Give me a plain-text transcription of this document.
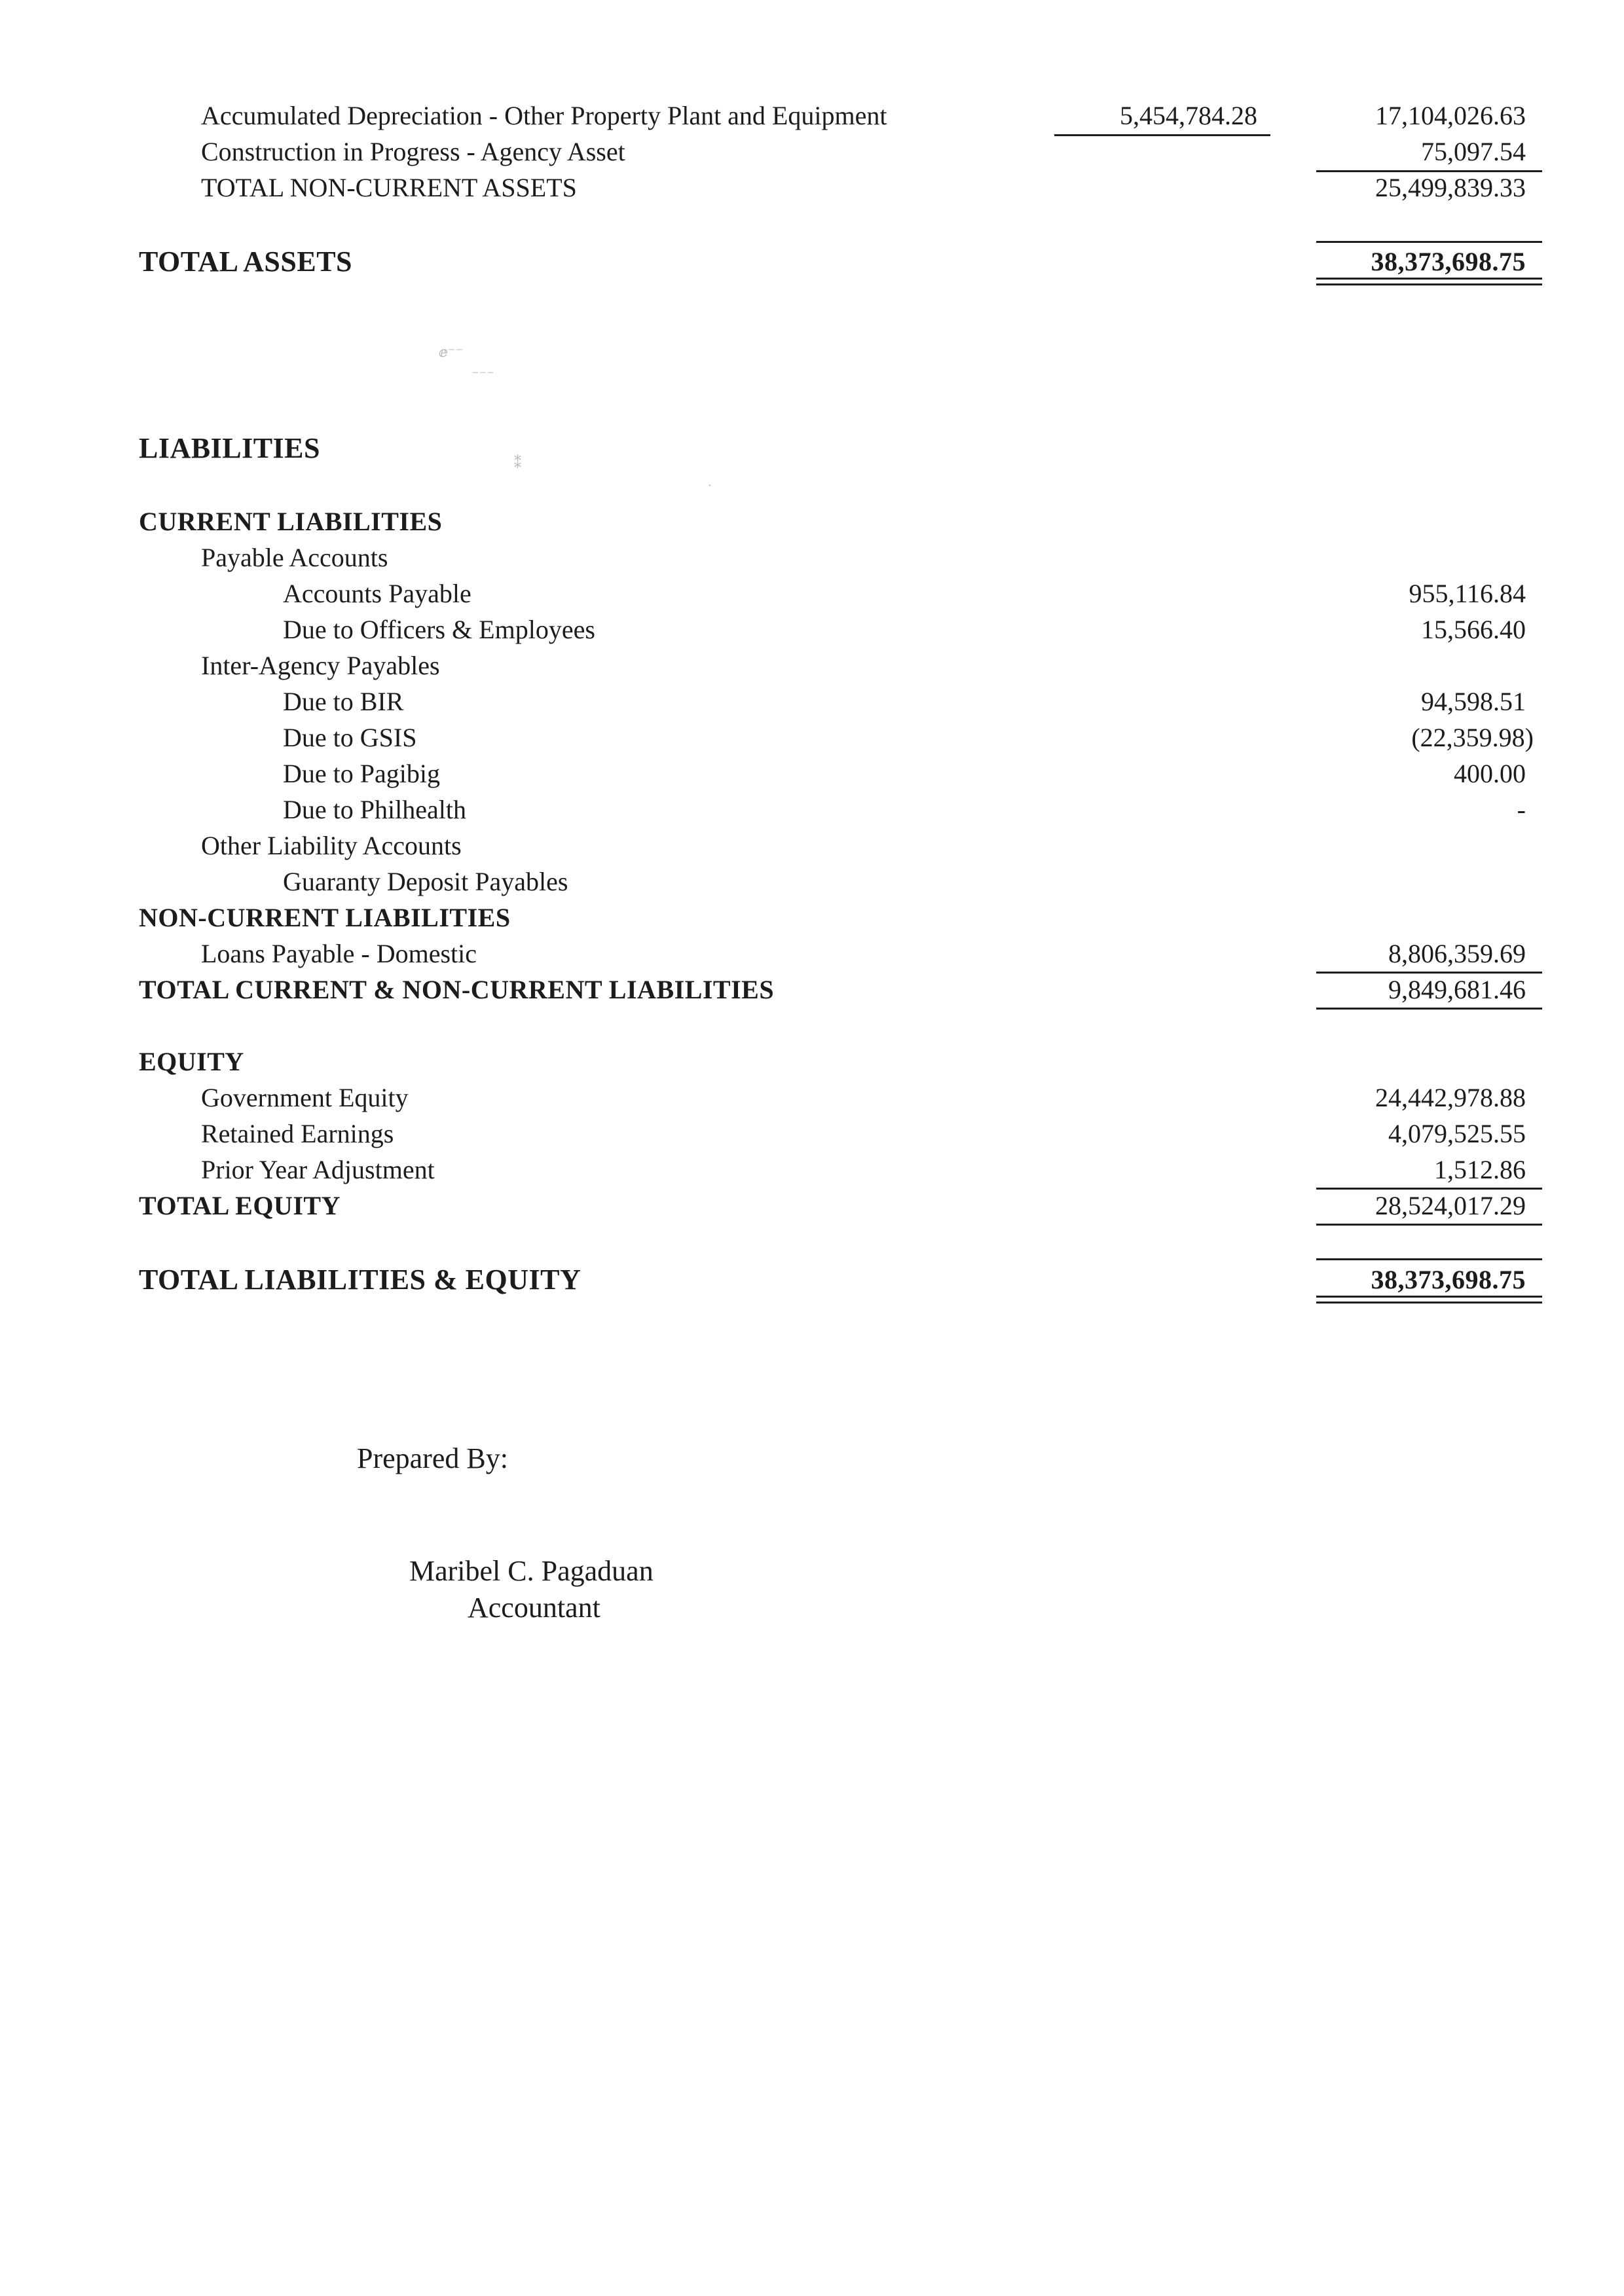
Accumulated Depreciation - Other Property Plant and Equipment	5,454,784.28	17,104,026.63
Construction in Progress - Agency Asset	75,097.54
TOTAL NON-CURRENT ASSETS	25,499,839.33
TOTAL ASSETS	38,373,698.75
ⅇ⁻⁻
⁻⁻⁻
⁑
˙
LIABILITIES
CURRENT LIABILITIES
Payable Accounts
Accounts Payable	955,116.84
Due to Officers & Employees	15,566.40
Inter-Agency Payables
Due to BIR	94,598.51
Due to GSIS	(22,359.98)
Due to Pagibig	400.00
Due to Philhealth	-
Other Liability Accounts
Guaranty Deposit Payables
NON-CURRENT LIABILITIES
Loans Payable - Domestic	8,806,359.69
TOTAL CURRENT & NON-CURRENT LIABILITIES	9,849,681.46
EQUITY
Government Equity	24,442,978.88
Retained Earnings	4,079,525.55
Prior Year Adjustment	1,512.86
TOTAL EQUITY	28,524,017.29
TOTAL LIABILITIES & EQUITY	38,373,698.75
Prepared By:
Maribel C. Pagaduan
Accountant
